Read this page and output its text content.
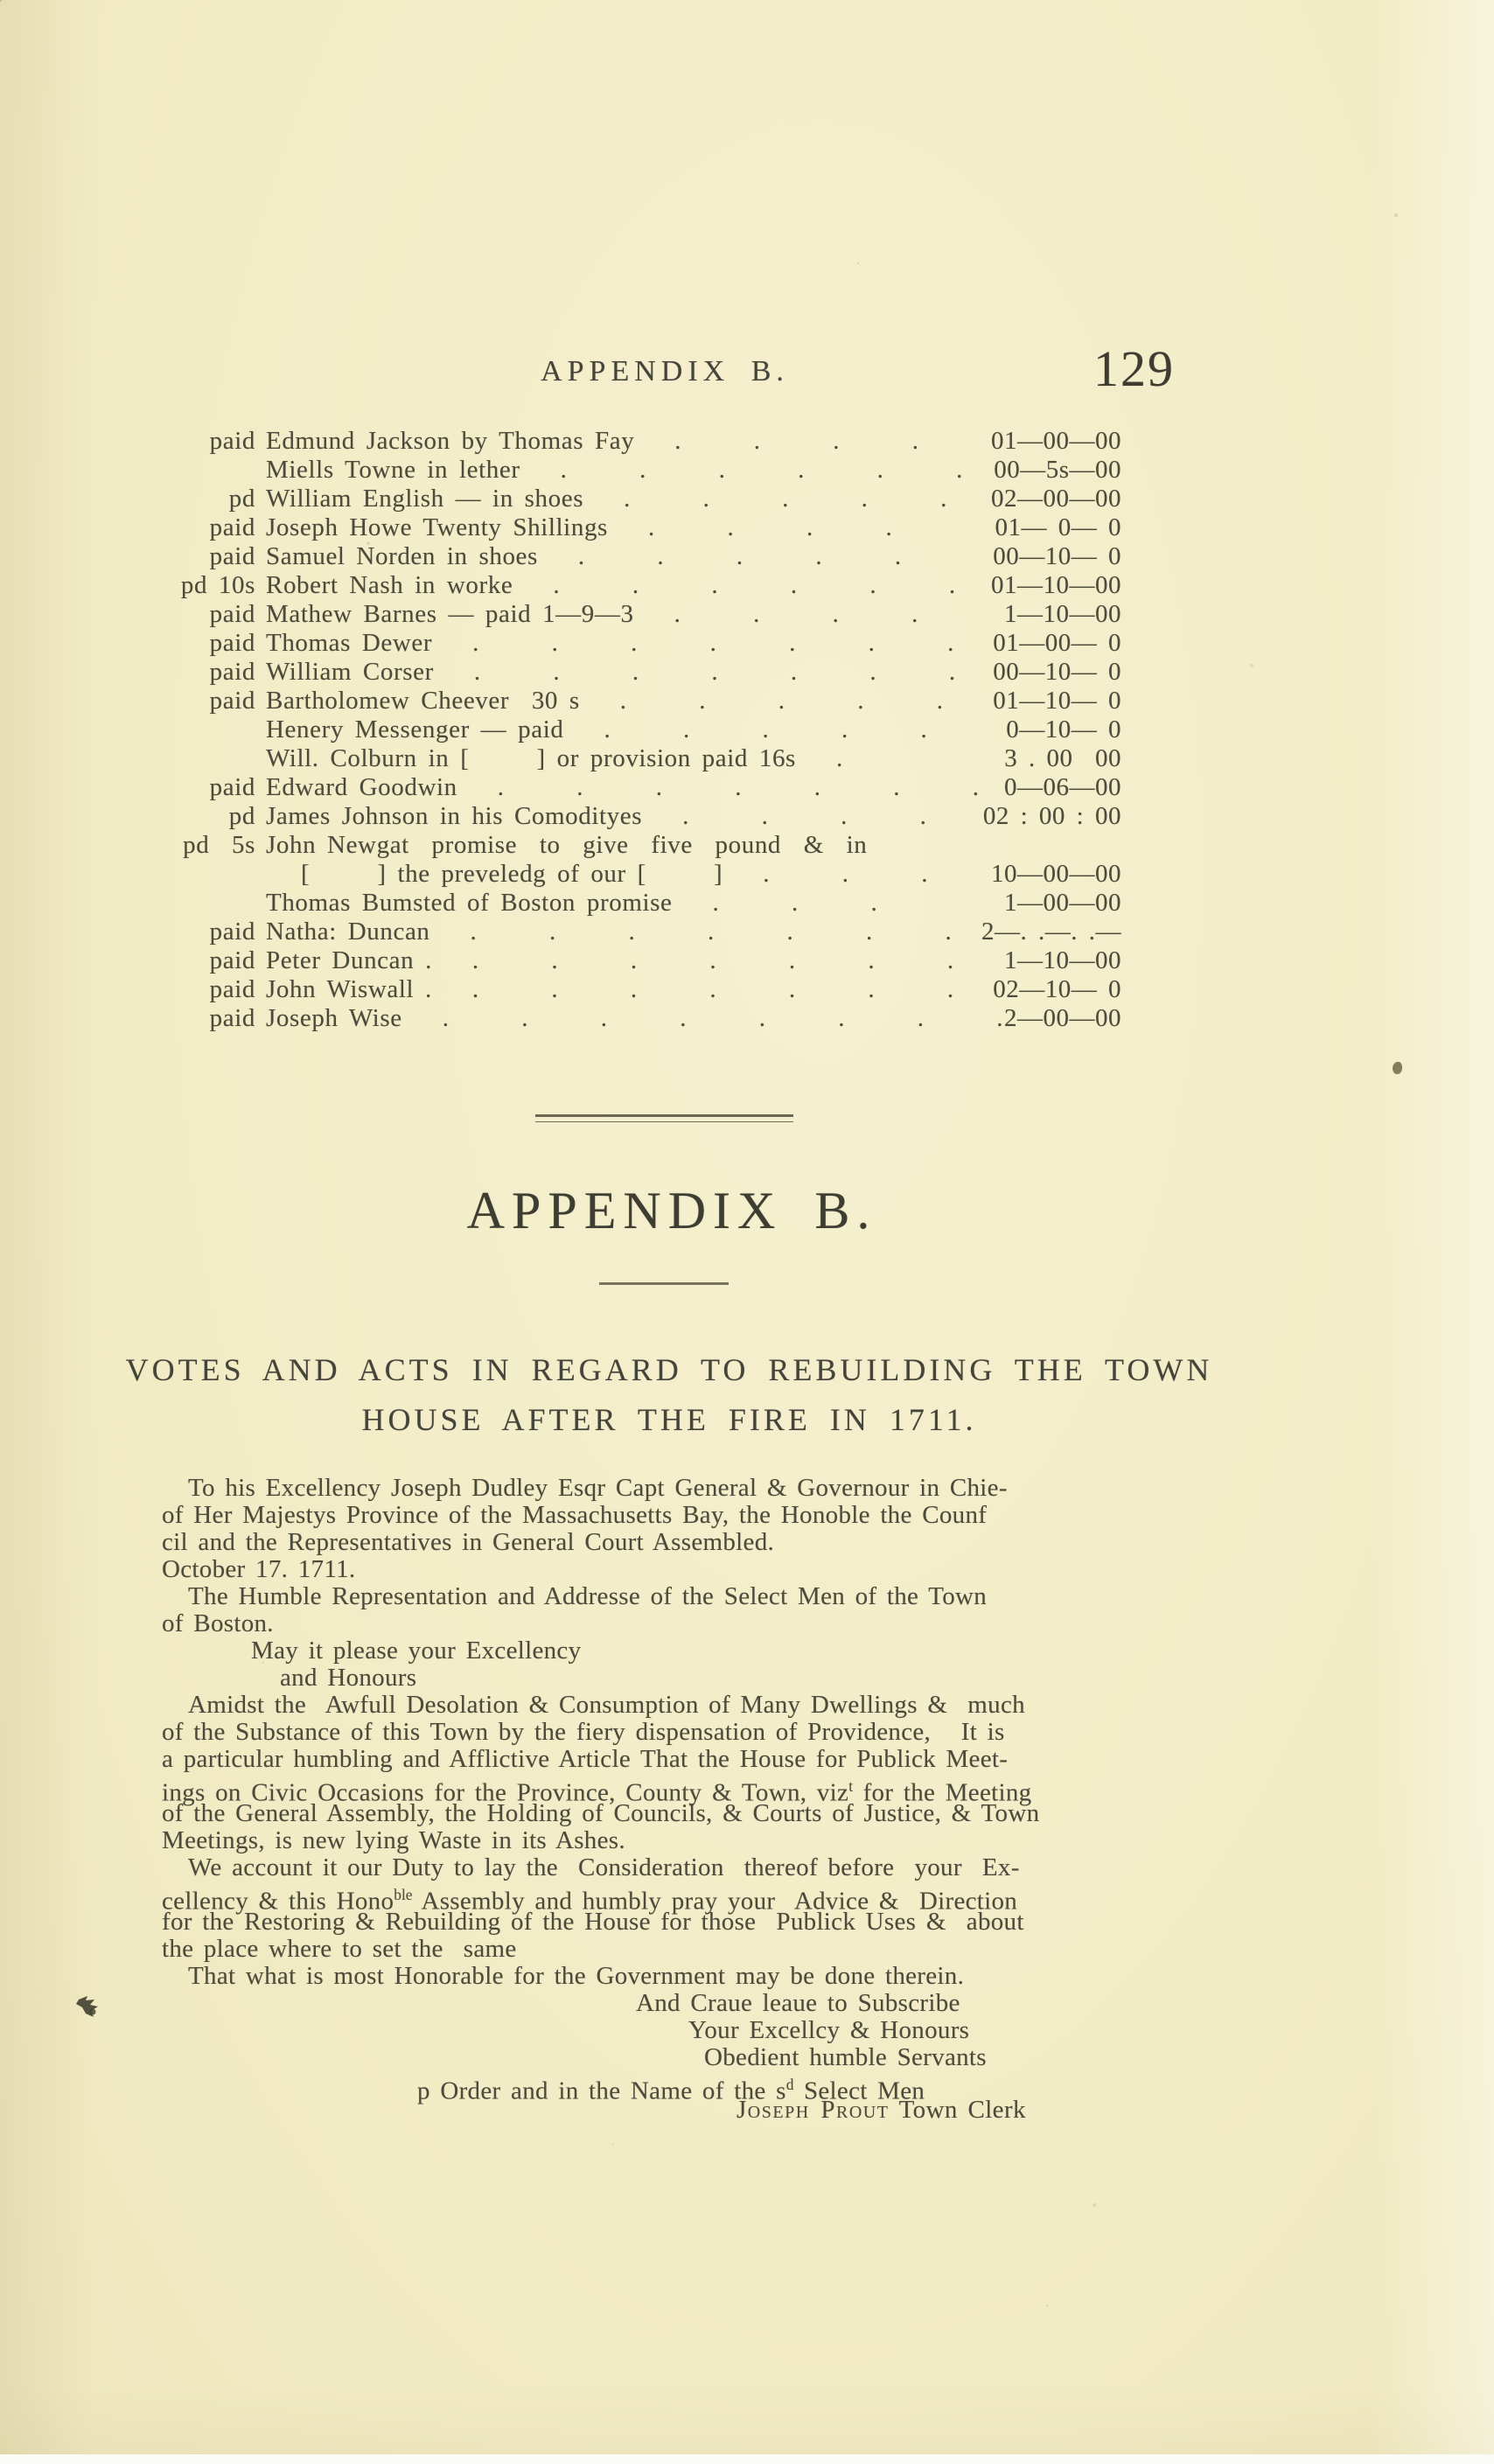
APPENDIX B.	129
paid Edmund Jackson by Thomas Fay . . . .	01—00—00
Miells Towne in lether . . . . . . 00—5s—00
pd William English — in shoes . . . . . 02—00—00
paid Joseph Howe Twenty Shillings . . . .	01— 0— 0
paid Samuel Norden in shoes . . . . .	00—10— 0
pd 10s Robert Nash in worke . . . . . . 01—10—00
paid Mathew Barnes — paid 1—9—3 . . . .	1—10—00
paid Thomas Dewer . . . . . . . 01—00— 0
paid William Corser . . . . . . . 00—10— 0
paid Bartholomew Cheever  30 s . . . . . 01—10— 0
Henery Messenger — paid . . . . .	0—10— 0
Will. Colburn in [      ] or provision paid 16s .	3 . 00  00
paid Edward Goodwin . . . . . . . 0—06—00
pd James Johnson in his Comodityes . . . . 02 : 00 : 00
pd  5s John Newgat  promise  to  give  five  pound  &  in
[      ] the preveledg of our [      ] . . . 10—00—00
Thomas Bumsted of Boston promise . . .	1—00—00
paid Natha: Duncan . . . . . . . 2—. .—. .—
paid Peter Duncan . . . . . . . . 1—10—00
paid John Wiswall . . . . . . . . 02—10— 0
paid Joseph Wise . . . . . . . . 2—00—00
APPENDIX B.
VOTES AND ACTS IN REGARD TO REBUILDING THE TOWN
HOUSE AFTER THE FIRE IN 1711.
To his Excellency Joseph Dudley Esqr Capt General & Governour in Chie-
of Her Majestys Province of the Massachusetts Bay, the Honoble the Counf
cil and the Representatives in General Court Assembled.
October 17. 1711.
The Humble Representation and Addresse of the Select Men of the Town
of Boston.
May it please your Excellency
and Honours
Amidst the  Awfull Desolation & Consumption of Many Dwellings &  much
of the Substance of this Town by the fiery dispensation of Providence,   It is
a particular humbling and Afflictive Article That the House for Publick Meet-
ings on Civic Occasions for the Province, County & Town, viz$^t$ for the Meeting
of the General Assembly, the Holding of Councils, & Courts of Justice, & Town
Meetings, is new lying Waste in its Ashes.
We account it our Duty to lay the  Consideration  thereof before  your  Ex-
cellency & this Hono$^{ble}$ Assembly and humbly pray your  Advice &  Direction
for the Restoring & Rebuilding of the House for those  Publick Uses &  about
the place where to set the  same
That what is most Honorable for the Government may be done therein.
And Craue leaue to Subscribe
Your Excellcy & Honours
Obedient humble Servants
p Order and in the Name of the $s^d$ Select Men
Joseph Prout Town Clerk
